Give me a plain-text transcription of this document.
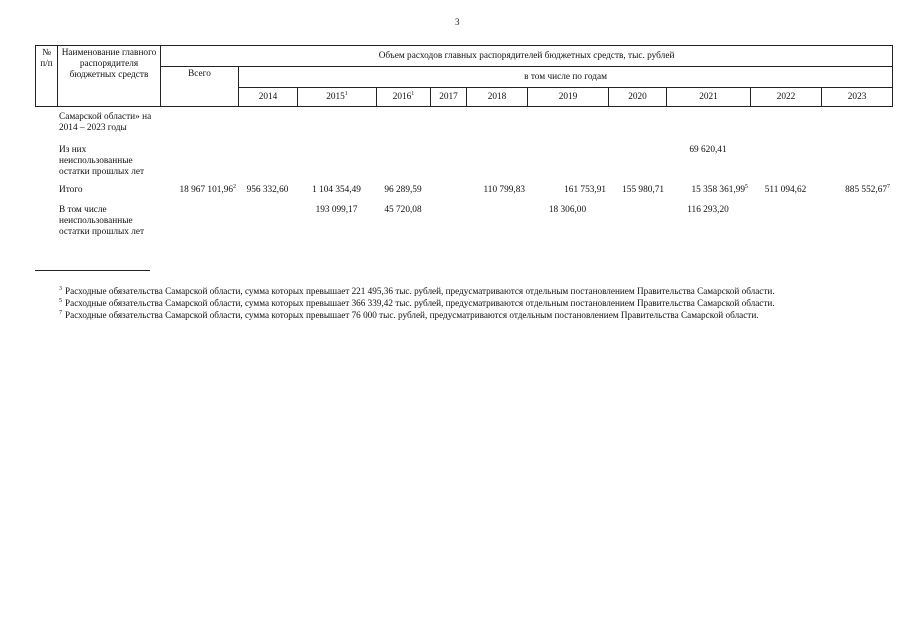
3
№ п/п	Наименование главного распорядителя бюджетных средств	Объем расходов главных распорядителей бюджетных средств, тыс. рублей										
		Всего	в том числе по годам									
			2014	2015$^1$	2016$^1$	2017	2018	2019	2020	2021	2022	2023
	Самарской области» на 2014 – 2023 годы											
	Из них неиспользованные остатки прошлых лет									69 620,41		
	Итого	18 967 101,96$^2$	956 332,60	1 104 354,49	96 289,59		110 799,83	161 753,91	155 980,71	15 358 361,99$^5$	511 094,62	885 552,67$^7$
	В том числе неиспользованные остатки прошлых лет			193 099,17	45 720,08			18 306,00		116 293,20		
$^3$ Расходные обязательства Самарской области, сумма которых превышает 221 495,36 тыс. рублей, предусматриваются отдельным постановлением Правительства Самарской области.
$^5$ Расходные обязательства Самарской области, сумма которых превышает 366 339,42 тыс. рублей, предусматриваются отдельным постановлением Правительства Самарской области.
$^7$ Расходные обязательства Самарской области, сумма которых превышает 76 000 тыс. рублей, предусматриваются отдельным постановлением Правительства Самарской области.
